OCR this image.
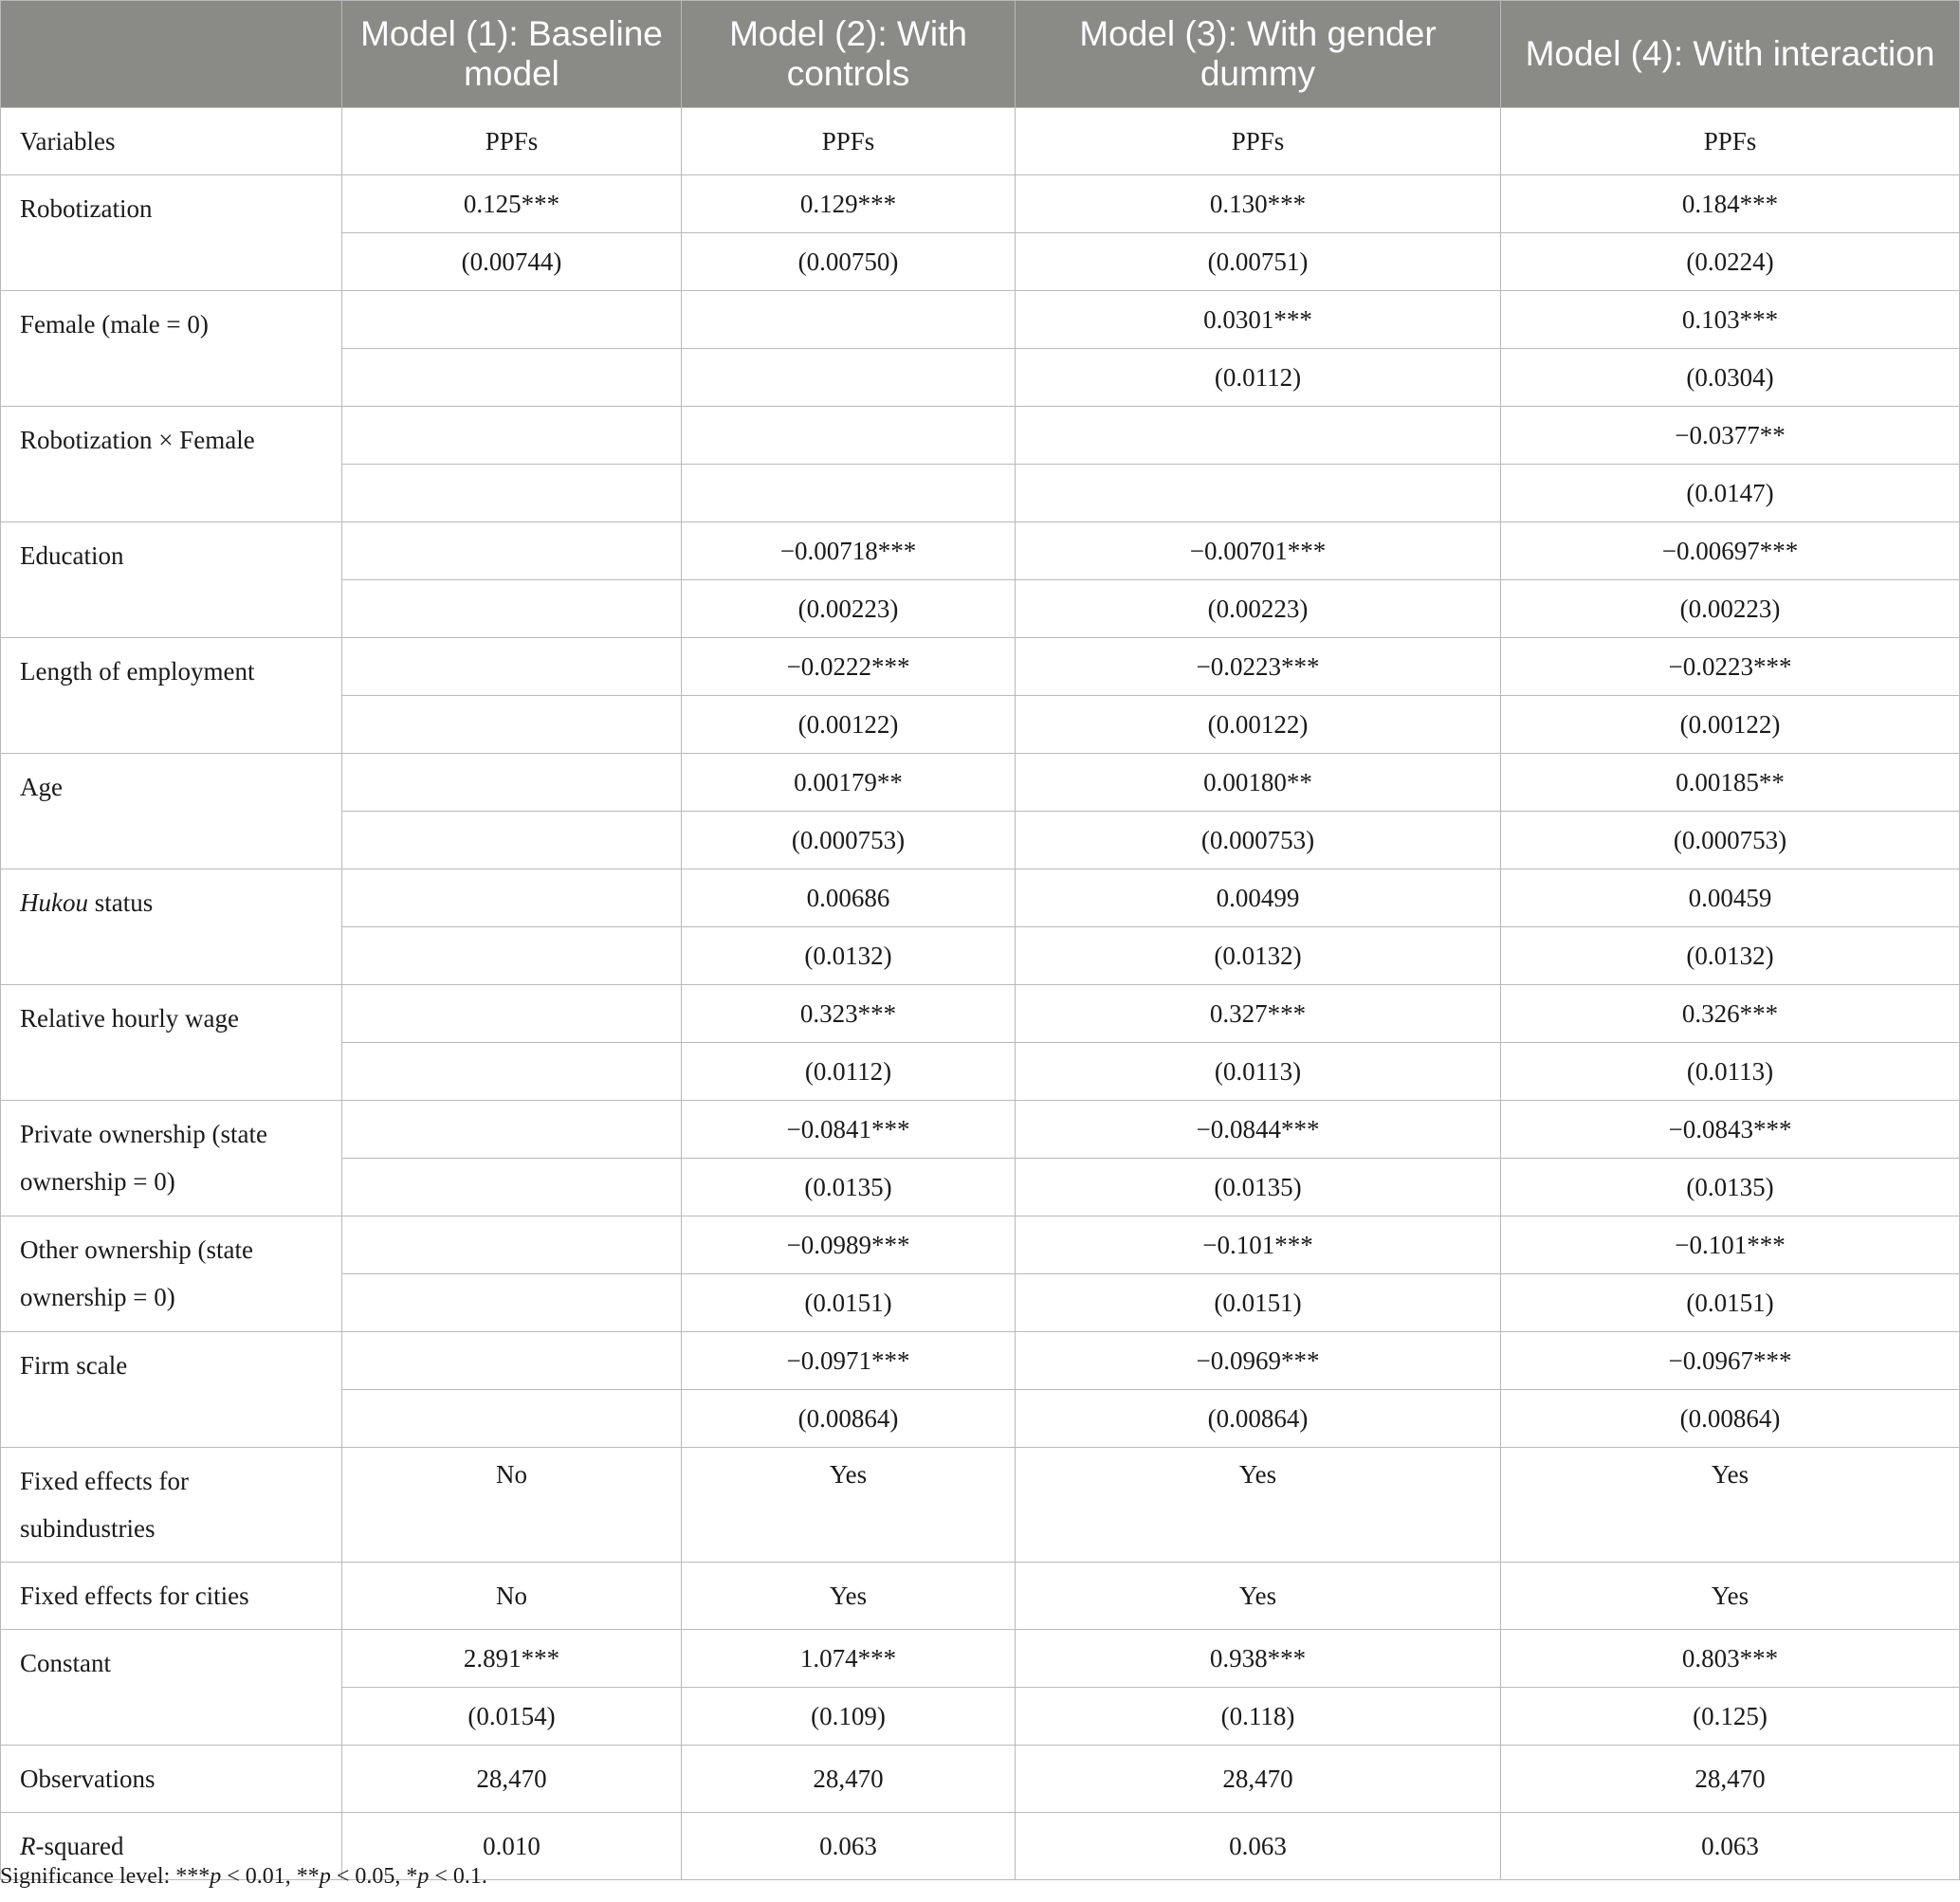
	Model (1): Baseline model	Model (2): With controls	Model (3): With gender dummy	Model (4): With interaction
Variables	PPFs	PPFs	PPFs	PPFs
Robotization	0.125***	0.129***	0.130***	0.184***
	(0.00744)	(0.00750)	(0.00751)	(0.0224)
Female (male = 0)			0.0301***	0.103***
			(0.0112)	(0.0304)
Robotization × Female				−0.0377**
				(0.0147)
Education		−0.00718***	−0.00701***	−0.00697***
		(0.00223)	(0.00223)	(0.00223)
Length of employment		−0.0222***	−0.0223***	−0.0223***
		(0.00122)	(0.00122)	(0.00122)
Age		0.00179**	0.00180**	0.00185**
		(0.000753)	(0.000753)	(0.000753)
Hukou status		0.00686	0.00499	0.00459
		(0.0132)	(0.0132)	(0.0132)
Relative hourly wage		0.323***	0.327***	0.326***
		(0.0112)	(0.0113)	(0.0113)
Private ownership (state ownership = 0)		−0.0841***	−0.0844***	−0.0843***
		(0.0135)	(0.0135)	(0.0135)
Other ownership (state ownership = 0)		−0.0989***	−0.101***	−0.101***
		(0.0151)	(0.0151)	(0.0151)
Firm scale		−0.0971***	−0.0969***	−0.0967***
		(0.00864)	(0.00864)	(0.00864)
Fixed effects for subindustries	No	Yes	Yes	Yes
Fixed effects for cities	No	Yes	Yes	Yes
Constant	2.891***	1.074***	0.938***	0.803***
	(0.0154)	(0.109)	(0.118)	(0.125)
Observations	28,470	28,470	28,470	28,470
R-squared	0.010	0.063	0.063	0.063
Significance level: ***p < 0.01, **p < 0.05, *p < 0.1.
